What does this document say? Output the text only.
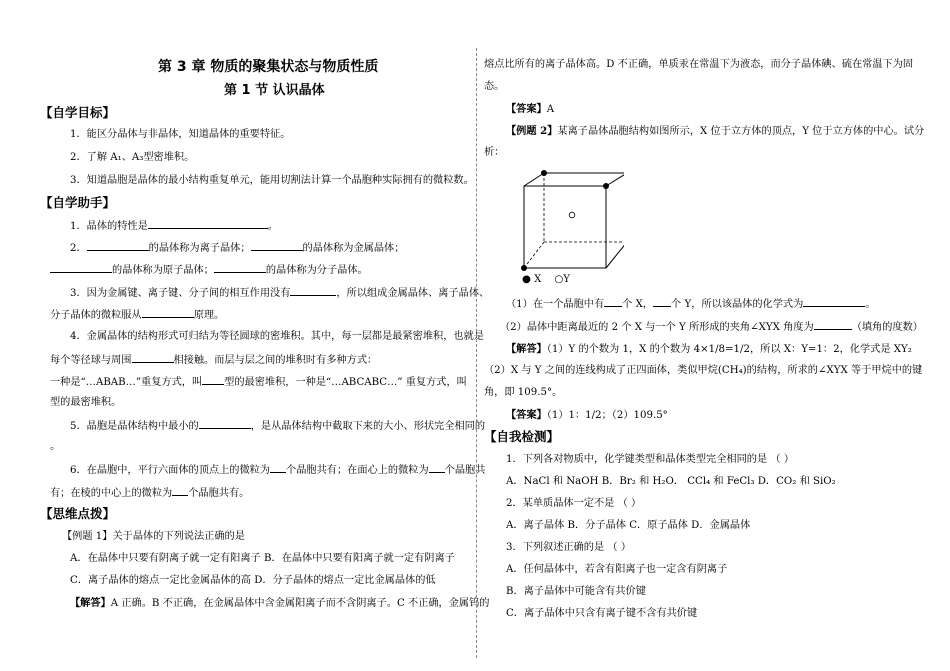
第 3 章 物质的聚集状态与物质性质
第 1 节 认识晶体
【自学目标】
1．能区分晶体与非晶体，知道晶体的重要特征。
2．了解 A₁、A₃型密堆积。
3．知道晶胞是晶体的最小结构重复单元，能用切割法计算一个晶胞种实际拥有的微粒数。
【自学助手】
1．晶体的特性是	。
2．	的晶体称为离子晶体；	的晶体称为金属晶体；
的晶体称为原子晶体；	的晶体称为分子晶体。
3．因为金属键、离子键、分子间的相互作用没有	，所以组成金属晶体、离子晶体、
分子晶体的微粒服从	原理。
4．金属晶体的结构形式可归结为等径圆球的密堆积。其中，每一层都是最紧密堆积，也就是
每个等径球与周围	相接触。而层与层之间的堆积时有多种方式：
一种是“…ABAB…”重复方式，叫 型的最密堆积，一种是“…ABCABC…” 重复方式，叫
型的最密堆积。
5．晶胞是晶体结构中最小的	，是从晶体结构中截取下来的大小、形状完全相同的
。
6．在晶胞中，平行六面体的顶点上的微粒为 个晶胞共有；在面心上的微粒为 个晶胞共
有；在棱的中心上的微粒为 个晶胞共有。
【思维点拨】
【例题 1】关于晶体的下列说法正确的是
A．在晶体中只要有阴离子就一定有阳离子 B．在晶体中只要有阳离子就一定有阴离子
C．离子晶体的熔点一定比金属晶体的高 D．分子晶体的熔点一定比金属晶体的低
【解答】A 正确。B 不正确，在金属晶体中含金属阳离子而不含阴离子。C 不正确，金属钨的
熔点比所有的离子晶体高。D 不正确，单质汞在常温下为液态，而分子晶体碘、硫在常温下为固
态。
【答案】A
【例题 2】某离子晶体晶胞结构如图所示，X 位于立方体的顶点，Y 位于立方体的中心。试分
析：
● X ○Y
（1）在一个晶胞中有 个 X， 个 Y，所以该晶体的化学式为	。
（2）晶体中距离最近的 2 个 X 与一个 Y 所形成的夹角∠XYX 角度为	（填角的度数）
【解答】（1）Y 的个数为 1，X 的个数为 4×1/8=1/2，所以 X：Y=1：2，化学式是 XY₂
（2）X 与 Y 之间的连线构成了正四面体，类似甲烷(CH₄)的结构，所求的∠XYX 等于甲烷中的键
角，即 109.5°。
【答案】（1）1：1/2；（2）109.5°
【自我检测】
1．下列各对物质中，化学键类型和晶体类型完全相同的是 （ ）
A．NaCl 和 NaOH B．Br₂ 和 H₂O． CCl₄ 和 FeCl₃ D．CO₂ 和 SiO₂
2．某单质晶体一定不是 （ ）
A．离子晶体 B．分子晶体 C．原子晶体 D．金属晶体
3．下列叙述正确的是 （ ）
A．任何晶体中，若含有阳离子也一定含有阴离子
B．离子晶体中可能含有共价键
C．离子晶体中只含有离子键不含有共价键
